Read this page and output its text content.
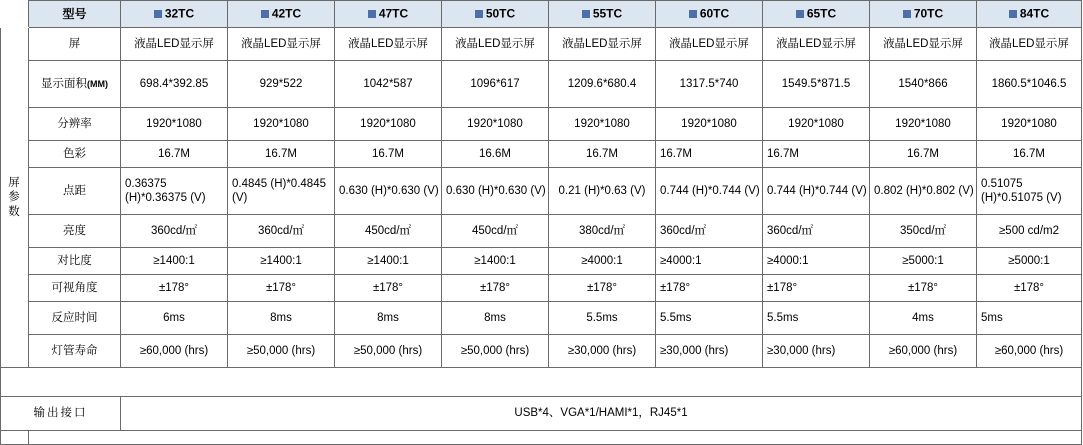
	型号	32TC	42TC	47TC	50TC	55TC	60TC	65TC	70TC	84TC
屏 参 数	屏	液晶LED显示屏	液晶LED显示屏	液晶LED显示屏	液晶LED显示屏	液晶LED显示屏	液晶LED显示屏	液晶LED显示屏	液晶LED显示屏	液晶LED显示屏
	显示面积(MM)	698.4*392.85	929*522	1042*587	1096*617	1209.6*680.4	1317.5*740	1549.5*871.5	1540*866	1860.5*1046.5
	分辨率	1920*1080	1920*1080	1920*1080	1920*1080	1920*1080	1920*1080	1920*1080	1920*1080	1920*1080
	色彩	16.7M	16.7M	16.7M	16.6M	16.7M	16.7M	16.7M	16.7M	16.7M
	点距	0.36375 (H)*0.36375 (V)	0.4845 (H)*0.4845 (V)	0.630 (H)*0.630 (V)	0.630 (H)*0.630 (V)	0.21 (H)*0.63 (V)	0.744 (H)*0.744 (V)	0.744 (H)*0.744 (V)	0.802 (H)*0.802 (V)	0.51075 (H)*0.51075 (V)
	亮度	360cd/㎡	360cd/㎡	450cd/㎡	450cd/㎡	380cd/㎡	360cd/㎡	360cd/㎡	350cd/㎡	≥500 cd/m2
	对比度	≥1400:1	≥1400:1	≥1400:1	≥1400:1	≥4000:1	≥4000:1	≥4000:1	≥5000:1	≥5000:1
	可视角度	±178°	±178°	±178°	±178°	±178°	±178°	±178°	±178°	±178°
	反应时间	6ms	8ms	8ms	8ms	5.5ms	5.5ms	5.5ms	4ms	5ms
	灯管寿命	≥60,000 (hrs)	≥50,000 (hrs)	≥50,000 (hrs)	≥50,000 (hrs)	≥30,000 (hrs)	≥30,000 (hrs)	≥30,000 (hrs)	≥60,000 (hrs)	≥60,000 (hrs)

输出接口		USB*4、VGA*1/HAMI*1，RJ45*1								
